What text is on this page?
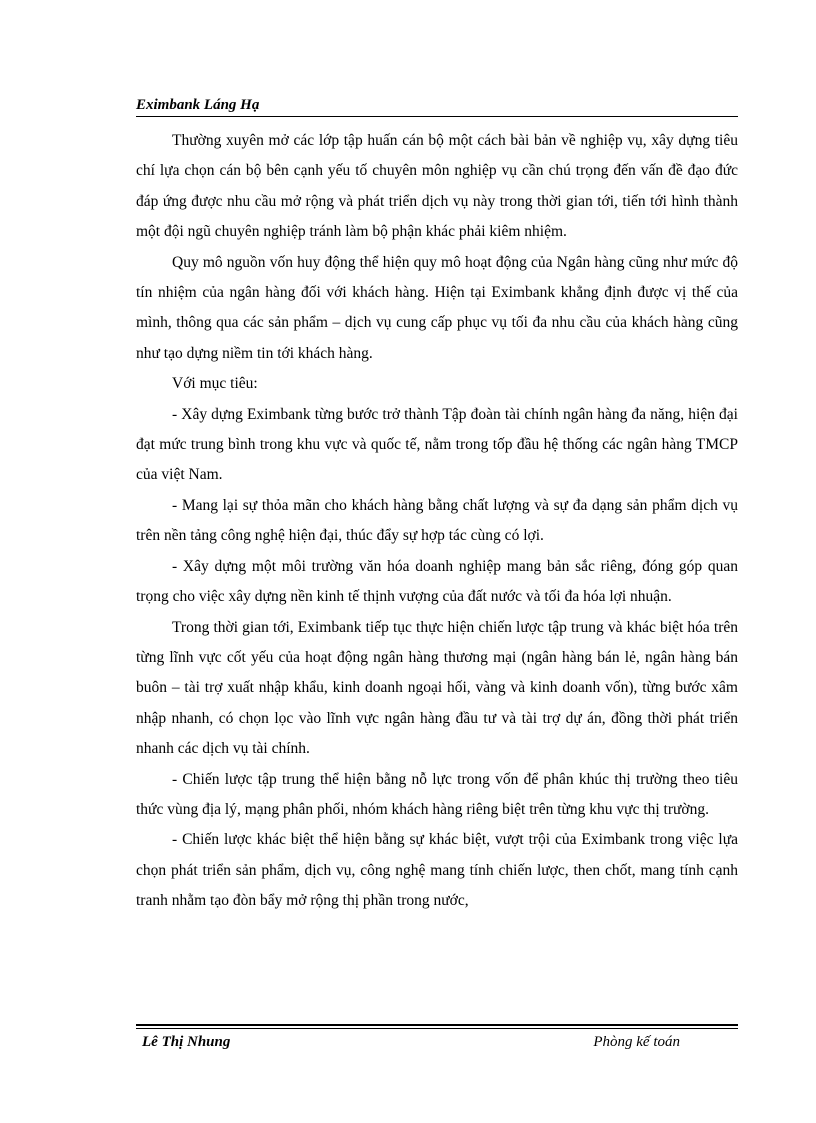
Eximbank Láng Hạ

Thường xuyên mở các lớp tập huấn cán bộ một cách bài bản về nghiệp vụ, xây dựng tiêu chí lựa chọn cán bộ bên cạnh yếu tố chuyên môn nghiệp vụ cần chú trọng đến vấn đề đạo đức đáp ứng được nhu cầu mở rộng và phát triển dịch vụ này trong thời gian tới, tiến tới hình thành một đội ngũ chuyên nghiệp tránh làm bộ phận khác phải kiêm nhiệm.

Quy mô nguồn vốn huy động thể hiện quy mô hoạt động của Ngân hàng cũng như mức độ tín nhiệm của ngân hàng đối với khách hàng. Hiện tại Eximbank khẳng định được vị thế của mình, thông qua các sản phẩm – dịch vụ cung cấp phục vụ tối đa nhu cầu của khách hàng cũng như tạo dựng niềm tin tới khách hàng.

Với mục tiêu:

- Xây dựng Eximbank từng bước trở thành Tập đoàn tài chính ngân hàng đa năng, hiện đại đạt mức trung bình trong khu vực và quốc tế, nằm trong tốp đầu hệ thống các ngân hàng TMCP của việt Nam.

- Mang lại sự thỏa mãn cho khách hàng bằng chất lượng và sự đa dạng sản phẩm dịch vụ trên nền tảng công nghệ hiện đại, thúc đẩy sự hợp tác cùng có lợi.

- Xây dựng một môi trường văn hóa doanh nghiệp mang bản sắc riêng, đóng góp quan trọng cho việc xây dựng nền kinh tế thịnh vượng của đất nước và tối đa hóa lợi nhuận.

Trong thời gian tới, Eximbank tiếp tục thực hiện chiến lược tập trung và khác biệt hóa trên từng lĩnh vực cốt yếu của hoạt động ngân hàng thương mại (ngân hàng bán lẻ, ngân hàng bán buôn – tài trợ xuất nhập khẩu, kinh doanh ngoại hối, vàng và kinh doanh vốn), từng bước xâm nhập nhanh, có chọn lọc vào lĩnh vực ngân hàng đầu tư và tài trợ dự án, đồng thời phát triển nhanh các dịch vụ tài chính.

- Chiến lược tập trung thể hiện bằng nỗ lực trong vốn để phân khúc thị trường theo tiêu thức vùng địa lý, mạng phân phối, nhóm khách hàng riêng biệt trên từng khu vực thị trường.

- Chiến lược khác biệt thể hiện bằng sự khác biệt, vượt trội của Eximbank trong việc lựa chọn phát triển sản phẩm, dịch vụ, công nghệ mang tính chiến lược, then chốt, mang tính cạnh tranh nhằm tạo đòn bẩy mở rộng thị phần trong nước,

Lê Thị Nhung	Phòng kế toán
